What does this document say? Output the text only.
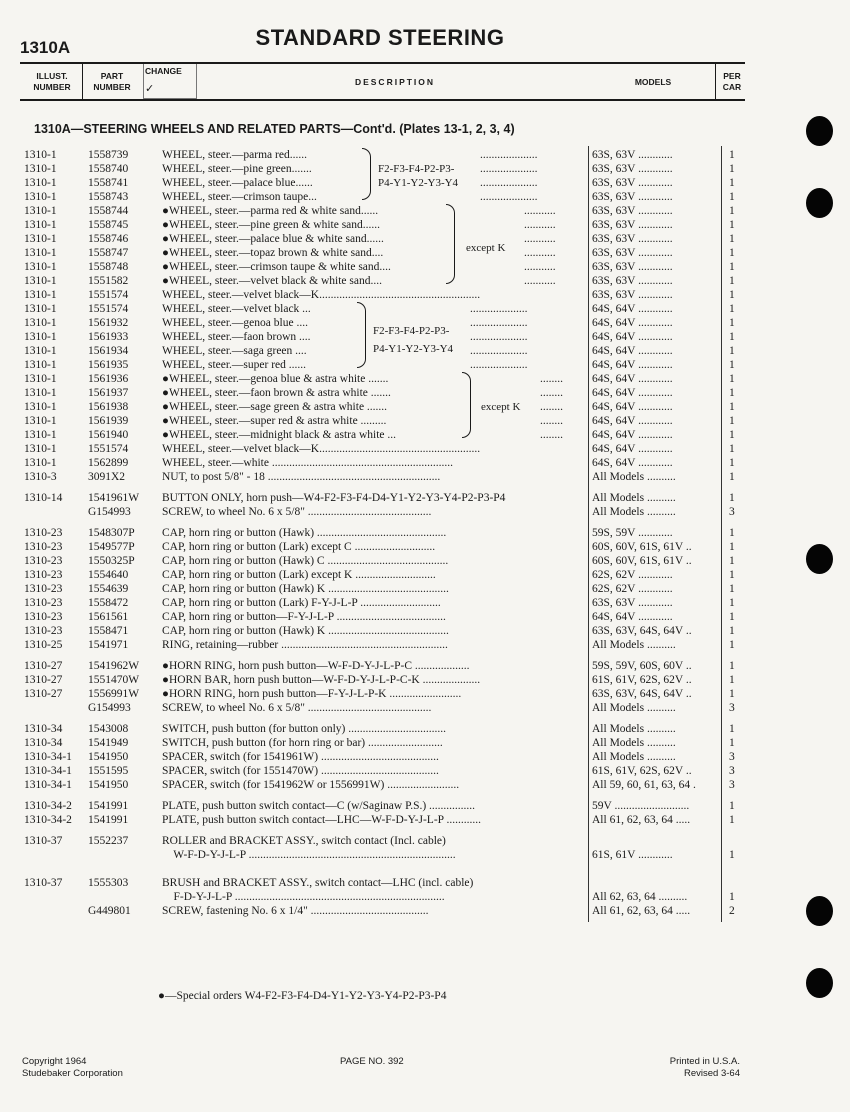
1310A	STANDARD STEERING
ILLUST.
NUMBER
PART
NUMBER
CHANGE
✓
DESCRIPTION	MODELS
PER
CAR
1310A—STEERING WHEELS AND RELATED PARTS—Cont'd. (Plates 13-1, 2, 3, 4)
1310-1	1558739	WHEEL, steer.—parma red......	....................	63S, 63V ............	1
1310-1	1558740	WHEEL, steer.—pine green.......	F2-F3-F4-P2-P3- ....................	63S, 63V ............	1
1310-1	1558741	WHEEL, steer.—palace blue......	P4-Y1-Y2-Y3-Y4 ....................	63S, 63V ............	1
1310-1	1558743	WHEEL, steer.—crimson taupe...	....................	63S, 63V ............	1
1310-1	1558744	●WHEEL, steer.—parma red & white sand......	...........	63S, 63V ............	1
1310-1	1558745	●WHEEL, steer.—pine green & white sand......	...........	63S, 63V ............	1
1310-1	1558746	●WHEEL, steer.—palace blue & white sand......	...........	63S, 63V ............	1
1310-1	1558747	●WHEEL, steer.—topaz brown & white sand....	except K ...........	63S, 63V ............	1
1310-1	1558748	●WHEEL, steer.—crimson taupe & white sand....	...........	63S, 63V ............	1
1310-1	1551582	●WHEEL, steer.—velvet black & white sand....	...........	63S, 63V ............	1
1310-1	1551574	WHEEL, steer.—velvet black—K........................................................	63S, 63V ............	1
1310-1	1551574	WHEEL, steer.—velvet black ...	....................	64S, 64V ............	1
1310-1	1561932	WHEEL, steer.—genoa blue ....	....................	64S, 64V ............	1
1310-1	1561933	WHEEL, steer.—faon brown ....	F2-F3-F4-P2-P3- ....................	64S, 64V ............	1
1310-1	1561934	WHEEL, steer.—saga green ....	P4-Y1-Y2-Y3-Y4 ....................	64S, 64V ............	1
1310-1	1561935	WHEEL, steer.—super red ......	....................	64S, 64V ............	1
1310-1	1561936	●WHEEL, steer.—genoa blue & astra white .......	........	64S, 64V ............	1
1310-1	1561937	●WHEEL, steer.—faon brown & astra white .......	........	64S, 64V ............	1
1310-1	1561938	●WHEEL, steer.—sage green & astra white .......	except K ........	64S, 64V ............	1
1310-1	1561939	●WHEEL, steer.—super red & astra white .........	........	64S, 64V ............	1
1310-1	1561940	●WHEEL, steer.—midnight black & astra white ...	........	64S, 64V ............	1
1310-1	1551574	WHEEL, steer.—velvet black—K........................................................	64S, 64V ............	1
1310-1	1562899	WHEEL, steer.—white ...............................................................	64S, 64V ............	1
1310-3	3091X2	NUT, to post 5/8" - 18 ............................................................	All Models ..........	1
1310-14 1541961W BUTTON ONLY, horn push—W4-F2-F3-F4-D4-Y1-Y2-Y3-Y4-P2-P3-P4	All Models ..........	1
G154993	SCREW, to wheel No. 6 x 5/8" ...........................................	All Models ..........	3
1310-23 1548307P CAP, horn ring or button (Hawk) .............................................	59S, 59V ............	1
1310-23 1549577P CAP, horn ring or button (Lark) except C ............................	60S, 60V, 61S, 61V ..	1
1310-23 1550325P CAP, horn ring or button (Hawk) C ..........................................	60S, 60V, 61S, 61V ..	1
1310-23 1554640	CAP, horn ring or button (Lark) except K ............................	62S, 62V ............	1
1310-23 1554639	CAP, horn ring or button (Hawk) K ..........................................	62S, 62V ............	1
1310-23 1558472	CAP, horn ring or button (Lark) F-Y-J-L-P ............................	63S, 63V ............	1
1310-23 1561561	CAP, horn ring or button—F-Y-J-L-P ......................................	64S, 64V ............	1
1310-23 1558471	CAP, horn ring or button (Hawk) K ..........................................	63S, 63V, 64S, 64V ..	1
1310-25 1541971	RING, retaining—rubber ..........................................................	All Models ..........	1
1310-27 1541962W ●HORN RING, horn push button—W-F-D-Y-J-L-P-C ...................	59S, 59V, 60S, 60V ..	1
1310-27 1551470W ●HORN BAR, horn push button—W-F-D-Y-J-L-P-C-K ....................	61S, 61V, 62S, 62V ..	1
1310-27 1556991W ●HORN RING, horn push button—F-Y-J-L-P-K .........................	63S, 63V, 64S, 64V ..	1
G154993	SCREW, to wheel No. 6 x 5/8" ...........................................	All Models ..........	3
1310-34 1543008	SWITCH, push button (for button only) ..................................	All Models ..........	1
1310-34 1541949	SWITCH, push button (for horn ring or bar) ..........................	All Models ..........	1
1310-34-1 1541950	SPACER, switch (for 1541961W) .........................................	All Models ..........	3
1310-34-1 1551595	SPACER, switch (for 1551470W) .........................................	61S, 61V, 62S, 62V ..	3
1310-34-1 1541950	SPACER, switch (for 1541962W or 1556991W) .........................	All 59, 60, 61, 63, 64 .	3
1310-34-2 1541991	PLATE, push button switch contact—C (w/Saginaw P.S.) ................	59V ..........................	1
1310-34-2 1541991	PLATE, push button switch contact—LHC—W-F-D-Y-J-L-P ............	All 61, 62, 63, 64 .....	1
1310-37 1552237	ROLLER and BRACKET ASSY., switch contact (Incl. cable)
W-F-D-Y-J-L-P ........................................................................	61S, 61V ............	1
1310-37 1555303	BRUSH and BRACKET ASSY., switch contact—LHC (incl. cable)
F-D-Y-J-L-P .........................................................................	All 62, 63, 64 ..........	1
G449801	SCREW, fastening No. 6 x 1/4" .........................................	All 61, 62, 63, 64 .....	2
●—Special orders W4-F2-F3-F4-D4-Y1-Y2-Y3-Y4-P2-P3-P4
Copyright 1964
Studebaker Corporation
PAGE NO. 392	Printed in U.S.A.
Revised 3-64
